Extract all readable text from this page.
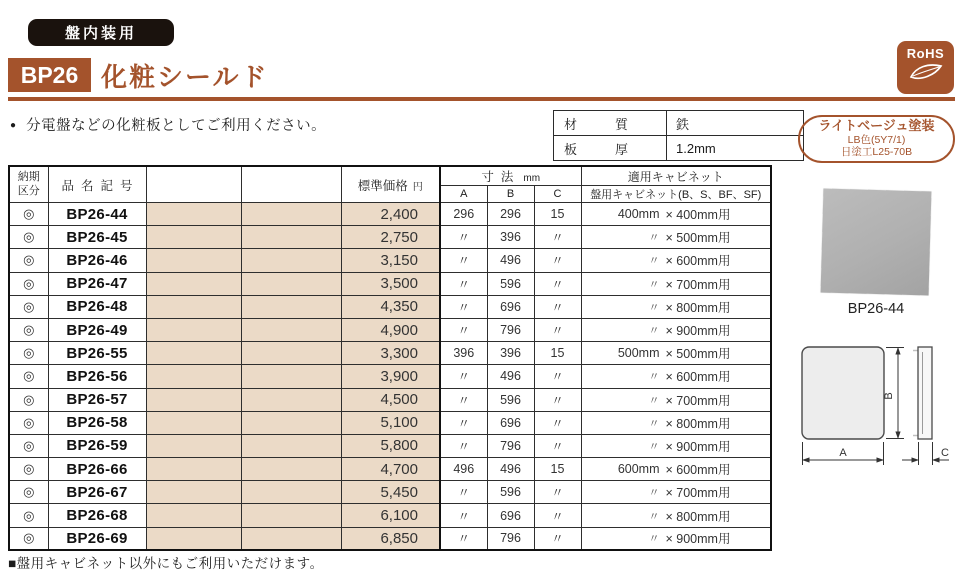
盤内装用
RoHS
BP26 化粧シールド
● 分電盤などの化粧板としてご利用ください。	材質	鉄
板厚	1.2mm
ライトベージュ塗装
LB色(5Y7/1)
日塗工L25-70B
BP26-44
B
A	C
納期区分	品名記号			標準価格 円	寸法 mm			適用キャビネット
					A	B	C	盤用キャビネット(B、S、BF、SF)
◎	BP26-44			2,400	296	296	15	400mm × 400mm用

◎	BP26-45			2,750	〃	396	〃	〃 × 500mm用

◎	BP26-46			3,150	〃	496	〃	〃 × 600mm用

◎	BP26-47			3,500	〃	596	〃	〃 × 700mm用

◎	BP26-48			4,350	〃	696	〃	〃 × 800mm用

◎	BP26-49			4,900	〃	796	〃	〃 × 900mm用

◎	BP26-55			3,300	396	396	15	500mm × 500mm用

◎	BP26-56			3,900	〃	496	〃	〃 × 600mm用

◎	BP26-57			4,500	〃	596	〃	〃 × 700mm用

◎	BP26-58			5,100	〃	696	〃	〃 × 800mm用

◎	BP26-59			5,800	〃	796	〃	〃 × 900mm用

◎	BP26-66			4,700	496	496	15	600mm × 600mm用

◎	BP26-67			5,450	〃	596	〃	〃 × 700mm用

◎	BP26-68			6,100	〃	696	〃	〃 × 800mm用

◎	BP26-69			6,850	〃	796	〃	〃 × 900mm用
■盤用キャビネット以外にもご利用いただけます。
